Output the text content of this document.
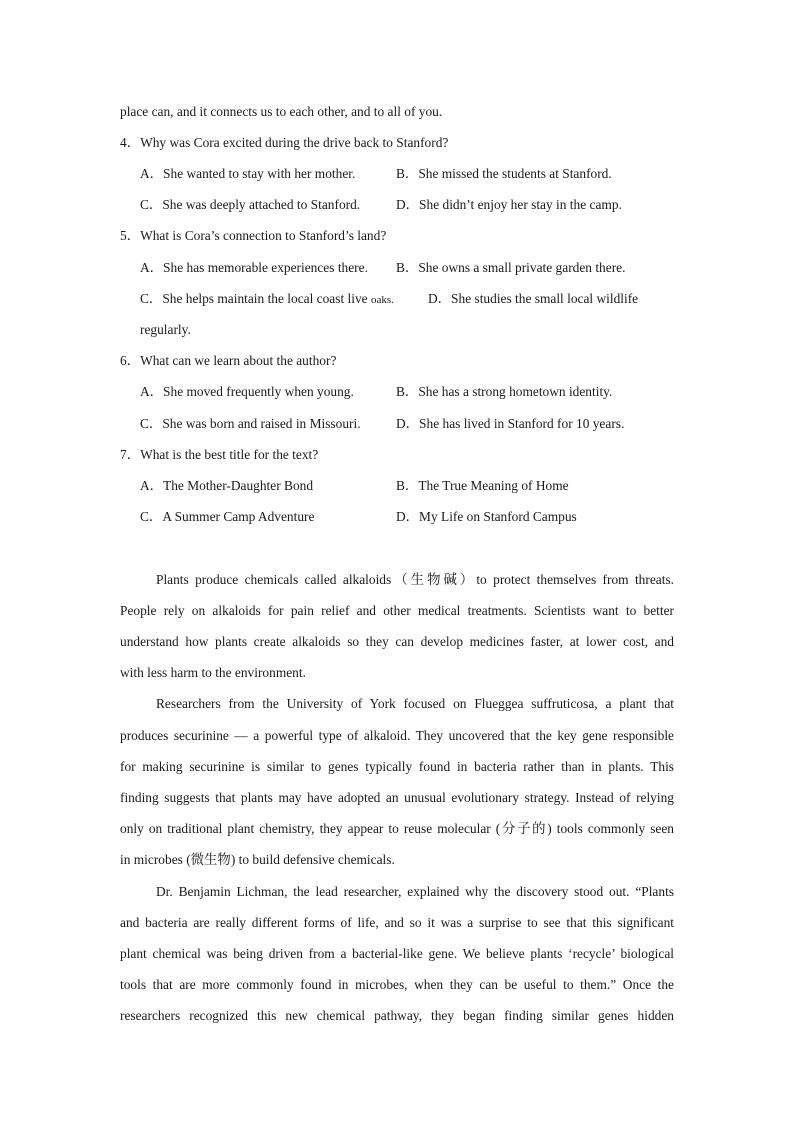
place can, and it connects us to each other, and to all of you.
4．Why was Cora excited during the drive back to Stanford?
A．She wanted to stay with her mother.	B．She missed the students at Stanford.
C．She was deeply attached to Stanford.	D．She didn’t enjoy her stay in the camp.
5．What is Cora’s connection to Stanford’s land?
A．She has memorable experiences there. B．She owns a small private garden there.
C．She helps maintain the local coast live oaks.	D．She studies the small local wildlife
regularly.
6．What can we learn about the author?
A．She moved frequently when young.	B．She has a strong hometown identity.
C．She was born and raised in Missouri.	D．She has lived in Stanford for 10 years.
7．What is the best title for the text?
A．The Mother-Daughter Bond	B．The True Meaning of Home
C．A Summer Camp Adventure	D．My Life on Stanford Campus
Plants produce chemicals called alkaloids（生物碱）to protect themselves from threats.
People rely on alkaloids for pain relief and other medical treatments. Scientists want to better
understand how plants create alkaloids so they can develop medicines faster, at lower cost, and
with less harm to the environment.
Researchers from the University of York focused on Flueggea suffruticosa, a plant that
produces securinine — a powerful type of alkaloid. They uncovered that the key gene responsible
for making securinine is similar to genes typically found in bacteria rather than in plants. This
finding suggests that plants may have adopted an unusual evolutionary strategy. Instead of relying
only on traditional plant chemistry, they appear to reuse molecular (分子的) tools commonly seen
in microbes (微生物) to build defensive chemicals.
Dr. Benjamin Lichman, the lead researcher, explained why the discovery stood out. “Plants
and bacteria are really different forms of life, and so it was a surprise to see that this significant
plant chemical was being driven from a bacterial-like gene. We believe plants ‘recycle’ biological
tools that are more commonly found in microbes, when they can be useful to them.” Once the
researchers recognized this new chemical pathway, they began finding similar genes hidden
